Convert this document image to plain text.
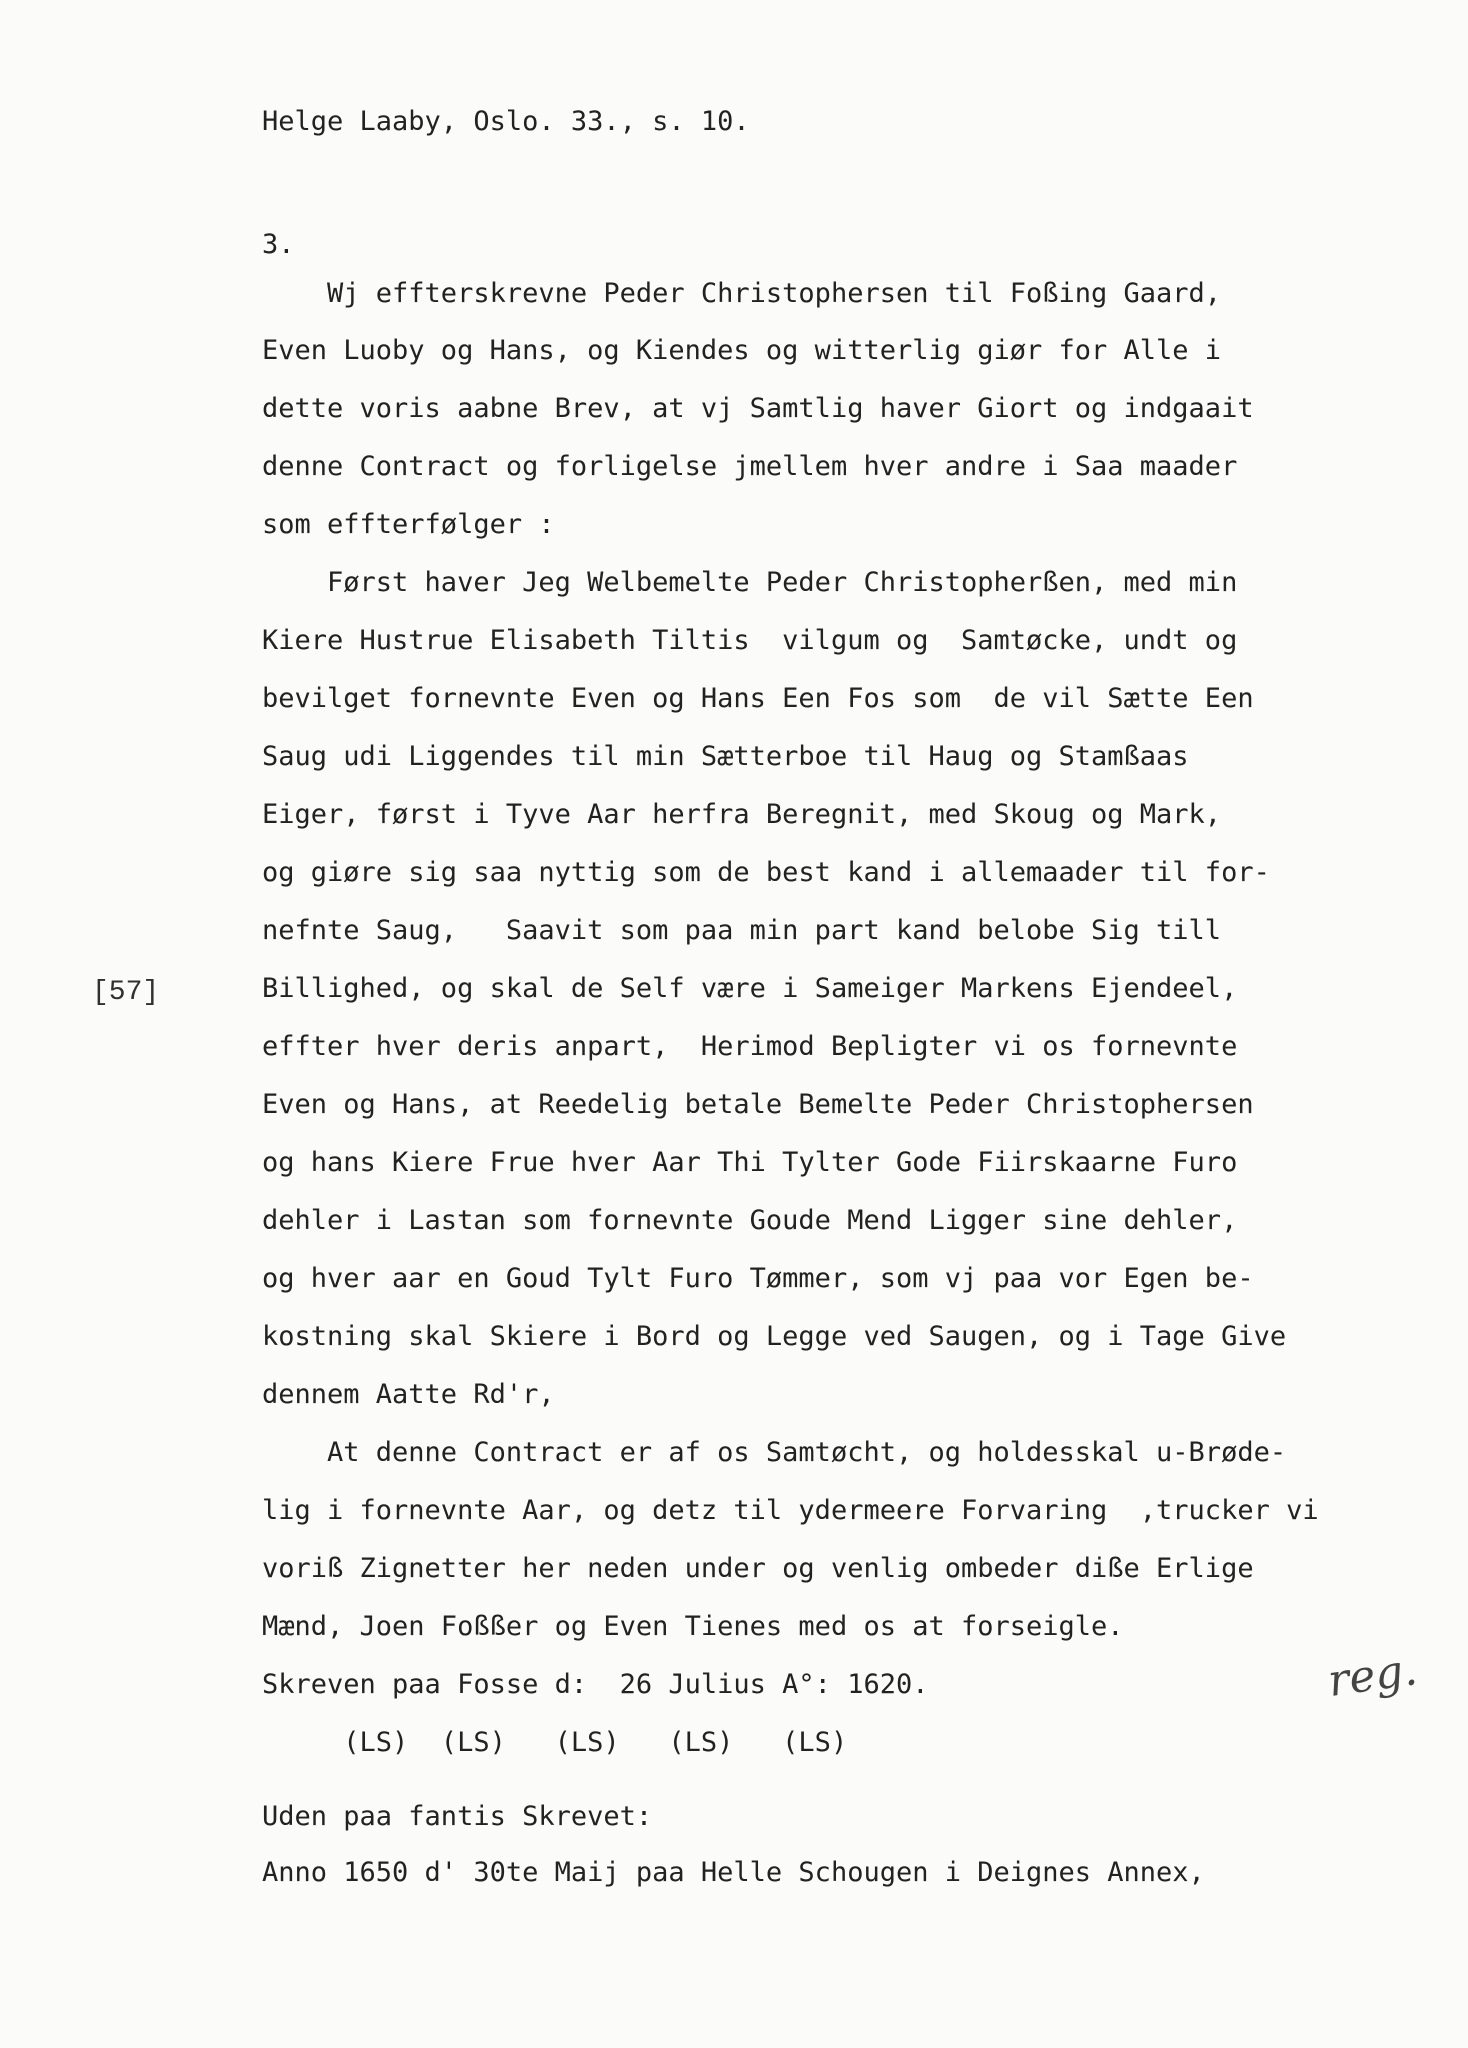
Helge Laaby, Oslo. 33., s. 10.
3.
[57]
reg.
Wj effterskrevne Peder Christophersen til Foßing Gaard,
Even Luoby og Hans, og Kiendes og witterlig giør for Alle i
dette voris aabne Brev, at vj Samtlig haver Giort og indgaait
denne Contract og forligelse jmellem hver andre i Saa maader
som effterfølger :
Først haver Jeg Welbemelte Peder Christopherßen, med min
Kiere Hustrue Elisabeth Tiltis  vilgum og  Samtøcke, undt og
bevilget fornevnte Even og Hans Een Fos som  de vil Sætte Een
Saug udi Liggendes til min Sætterboe til Haug og Stamßaas
Eiger, først i Tyve Aar herfra Beregnit, med Skoug og Mark,
og giøre sig saa nyttig som de best kand i allemaader til for-
nefnte Saug,   Saavit som paa min part kand belobe Sig till
Billighed, og skal de Self være i Sameiger Markens Ejendeel,
effter hver deris anpart,  Herimod Bepligter vi os fornevnte
Even og Hans, at Reedelig betale Bemelte Peder Christophersen
og hans Kiere Frue hver Aar Thi Tylter Gode Fiirskaarne Furo
dehler i Lastan som fornevnte Goude Mend Ligger sine dehler,
og hver aar en Goud Tylt Furo Tømmer, som vj paa vor Egen be-
kostning skal Skiere i Bord og Legge ved Saugen, og i Tage Give
dennem Aatte Rd'r,
At denne Contract er af os Samtøcht, og holdesskal u-Brøde-
lig i fornevnte Aar, og detz til ydermeere Forvaring  ,trucker vi
voriß Zignetter her neden under og venlig ombeder diße Erlige
Mænd, Joen Foßßer og Even Tienes med os at forseigle.
Skreven paa Fosse d:  26 Julius A°: 1620.
(LS)  (LS)   (LS)   (LS)   (LS)
Uden paa fantis Skrevet:
Anno 1650 d' 30te Maij paa Helle Schougen i Deignes Annex,
